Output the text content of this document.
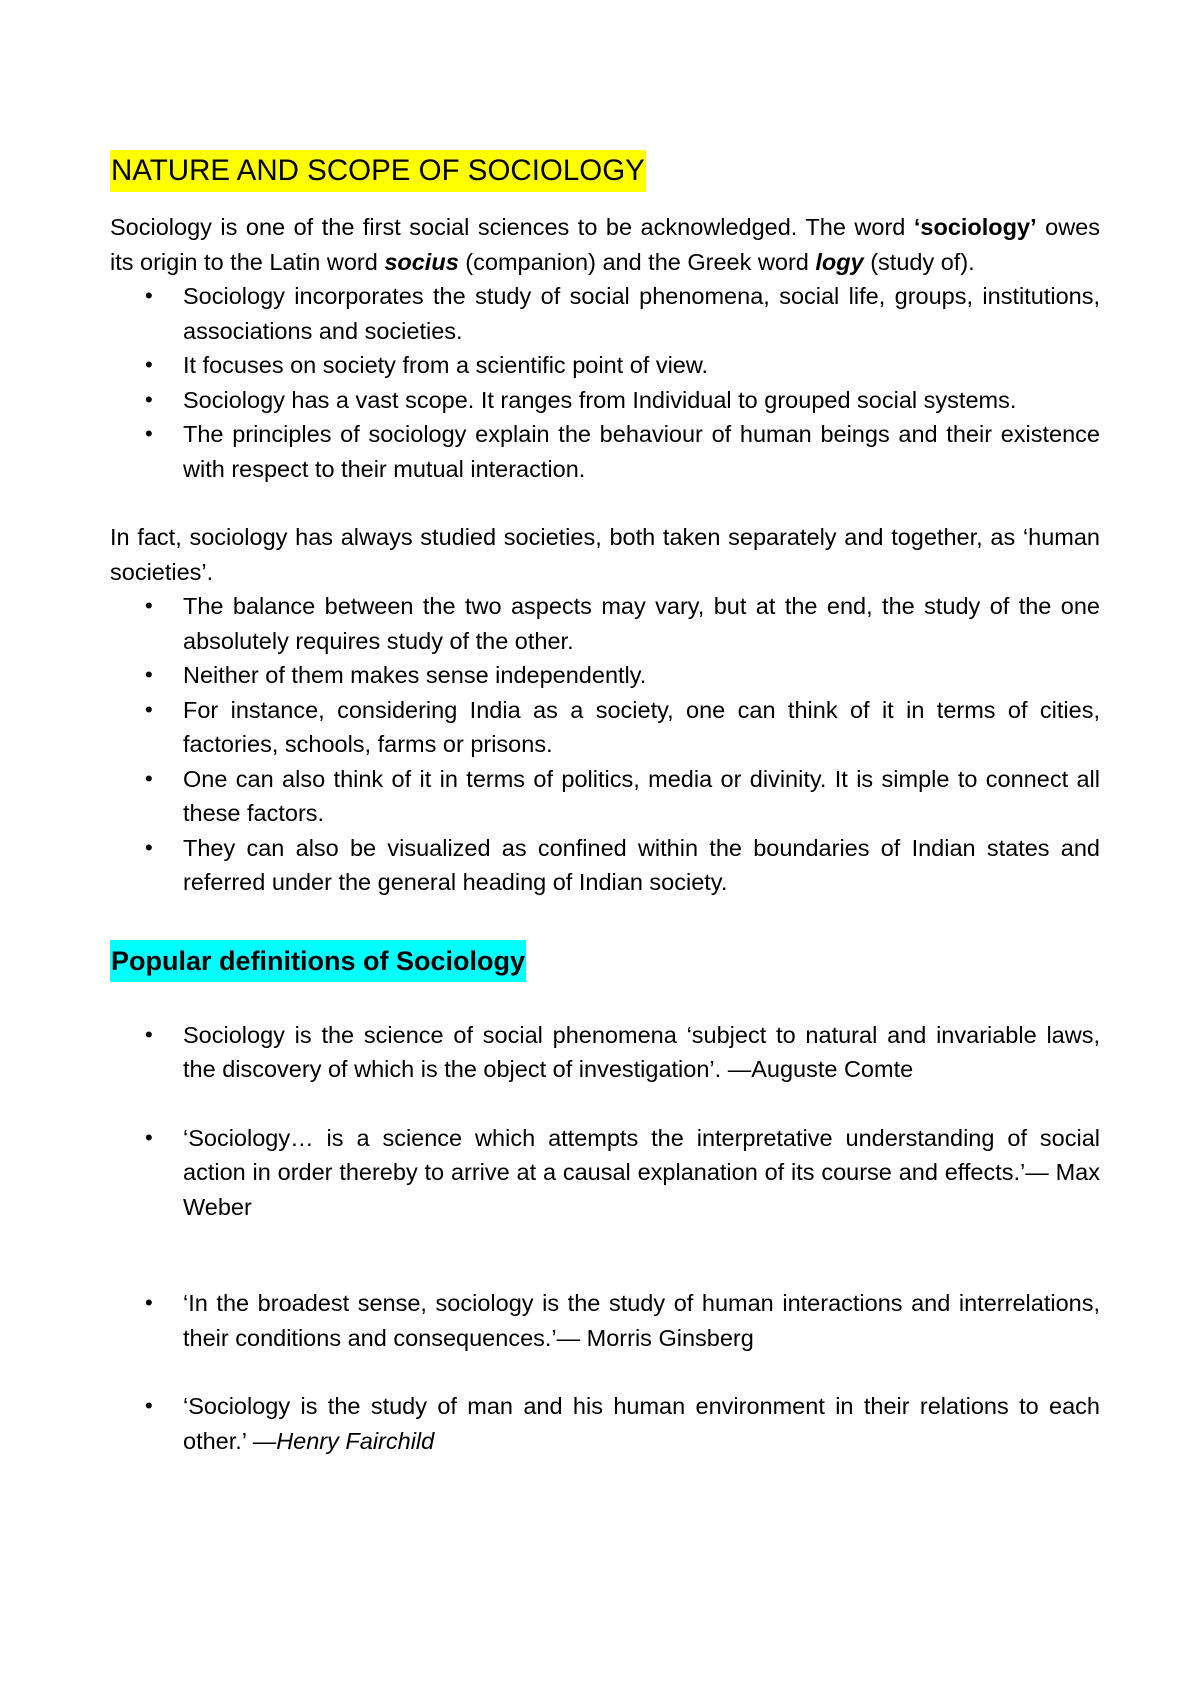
NATURE AND SCOPE OF SOCIOLOGY

Sociology is one of the first social sciences to be acknowledged. The word ‘sociology’ owes its origin to the Latin word socius (companion) and the Greek word logy (study of).

• Sociology incorporates the study of social phenomena, social life, groups, institutions, associations and societies.
• It focuses on society from a scientific point of view.
• Sociology has a vast scope. It ranges from Individual to grouped social systems.
• The principles of sociology explain the behaviour of human beings and their existence with respect to their mutual interaction.

In fact, sociology has always studied societies, both taken separately and together, as ‘human societies’.

• The balance between the two aspects may vary, but at the end, the study of the one absolutely requires study of the other.
• Neither of them makes sense independently.
• For instance, considering India as a society, one can think of it in terms of cities, factories, schools, farms or prisons.
• One can also think of it in terms of politics, media or divinity. It is simple to connect all these factors.
• They can also be visualized as confined within the boundaries of Indian states and referred under the general heading of Indian society.
Popular definitions of Sociology
• Sociology is the science of social phenomena ‘subject to natural and invariable laws, the discovery of which is the object of investigation’. —Auguste Comte
• ‘Sociology… is a science which attempts the interpretative understanding of social action in order thereby to arrive at a causal explanation of its course and effects.’— Max Weber
• ‘In the broadest sense, sociology is the study of human interactions and interrelations, their conditions and consequences.’— Morris Ginsberg
• ‘Sociology is the study of man and his human environment in their relations to each other.’ —Henry Fairchild
